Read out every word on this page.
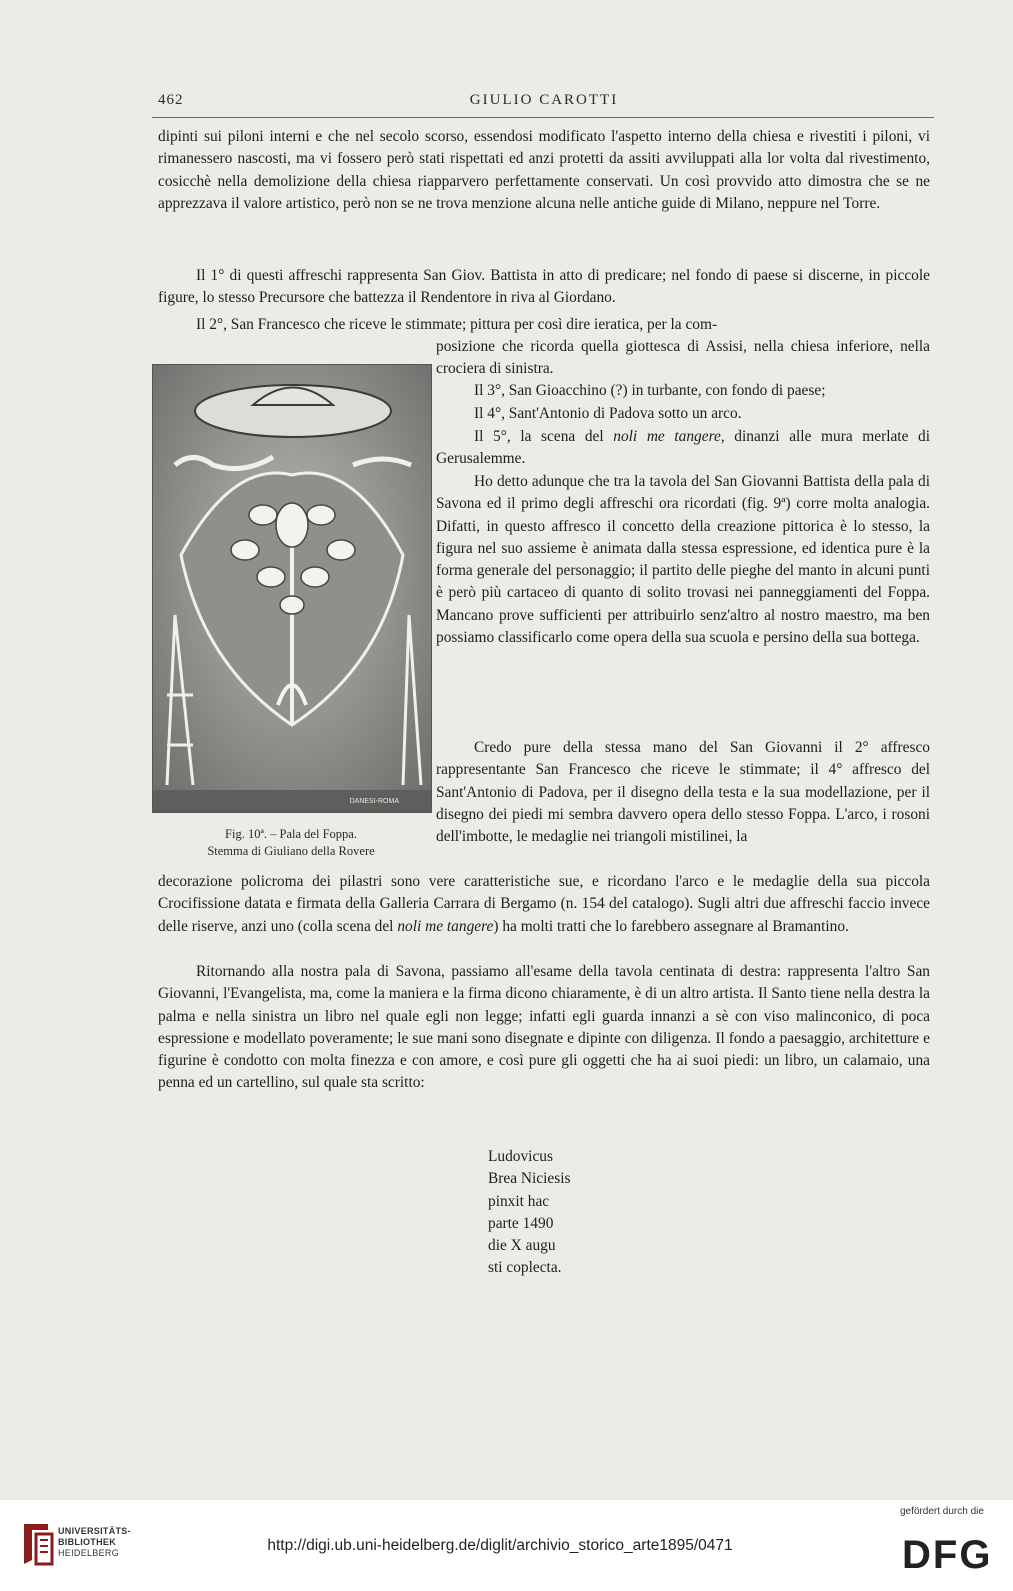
462	GIULIO CAROTTI

dipinti sui piloni interni e che nel secolo scorso, essendosi modificato l'aspetto interno della chiesa e rivestiti i piloni, vi rimanessero nascosti, ma vi fossero però stati rispettati ed anzi protetti da assiti avviluppati alla lor volta dal rivestimento, cosicchè nella demolizione della chiesa riapparvero perfettamente conservati. Un così provvido atto dimostra che se ne apprezzava il valore artistico, però non se ne trova menzione alcuna nelle antiche guide di Milano, neppure nel Torre.

Il 1° di questi affreschi rappresenta San Giov. Battista in atto di predicare; nel fondo di paese si discerne, in piccole figure, lo stesso Precursore che battezza il Rendentore in riva al Giordano.

Il 2°, San Francesco che riceve le stimmate; pittura per così dire ieratica, per la com-

posizione che ricorda quella giottesca di Assisi, nella chiesa inferiore, nella crociera di sinistra.

Il 3°, San Gioacchino (?) in turbante, con fondo di paese;

Il 4°, Sant'Antonio di Padova sotto un arco.

Il 5°, la scena del noli me tangere, dinanzi alle mura merlate di Gerusalemme.

Ho detto adunque che tra la tavola del San Giovanni Battista della pala di Savona ed il primo degli affreschi ora ricordati (fig. 9ª) corre molta analogia. Difatti, in questo affresco il concetto della creazione pittorica è lo stesso, la figura nel suo assieme è animata dalla stessa espressione, ed identica pure è la forma generale del personaggio; il partito delle pieghe del manto in alcuni punti è però più cartaceo di quanto di solito trovasi nei panneggiamenti del Foppa. Mancano prove sufficienti per attribuirlo senz'altro al nostro maestro, ma ben possiamo classificarlo come opera della sua scuola e persino della sua bottega.

Credo pure della stessa mano del San Giovanni il 2° affresco rappresentante San Francesco che riceve le stimmate; il 4° affresco del Sant'Antonio di Padova, per il disegno della testa e la sua modellazione, per il disegno dei piedi mi sembra davvero opera dello stesso Foppa. L'arco, i rosoni dell'imbotte, le medaglie nei triangoli mistilinei, la

decorazione policroma dei pilastri sono vere caratteristiche sue, e ricordano l'arco e le medaglie della sua piccola Crocifissione datata e firmata della Galleria Carrara di Bergamo (n. 154 del catalogo). Sugli altri due affreschi faccio invece delle riserve, anzi uno (colla scena del noli me tangere) ha molti tratti che lo farebbero assegnare al Bramantino.

Ritornando alla nostra pala di Savona, passiamo all'esame della tavola centinata di destra: rappresenta l'altro San Giovanni, l'Evangelista, ma, come la maniera e la firma dicono chiaramente, è di un altro artista. Il Santo tiene nella destra la palma e nella sinistra un libro nel quale egli non legge; infatti egli guarda innanzi a sè con viso malinconico, di poca espressione e modellato poveramente; le sue mani sono disegnate e dipinte con diligenza. Il fondo a paesaggio, architetture e figurine è condotto con molta finezza e con amore, e così pure gli oggetti che ha ai suoi piedi: un libro, un calamaio, una penna ed un cartellino, sul quale sta scritto:

DANESI-ROMA
Fig. 10ª. – Pala del Foppa.
Stemma di Giuliano della Rovere
Ludovicus
Brea Niciesis
pinxit hac
parte 1490
die X augu
sti coplecta.
UNIVERSITÄTS-
BIBLIOTHEK
HEIDELBERG	http://digi.ub.uni-heidelberg.de/diglit/archivio_storico_arte1895/0471
gefördert durch die
DFG
